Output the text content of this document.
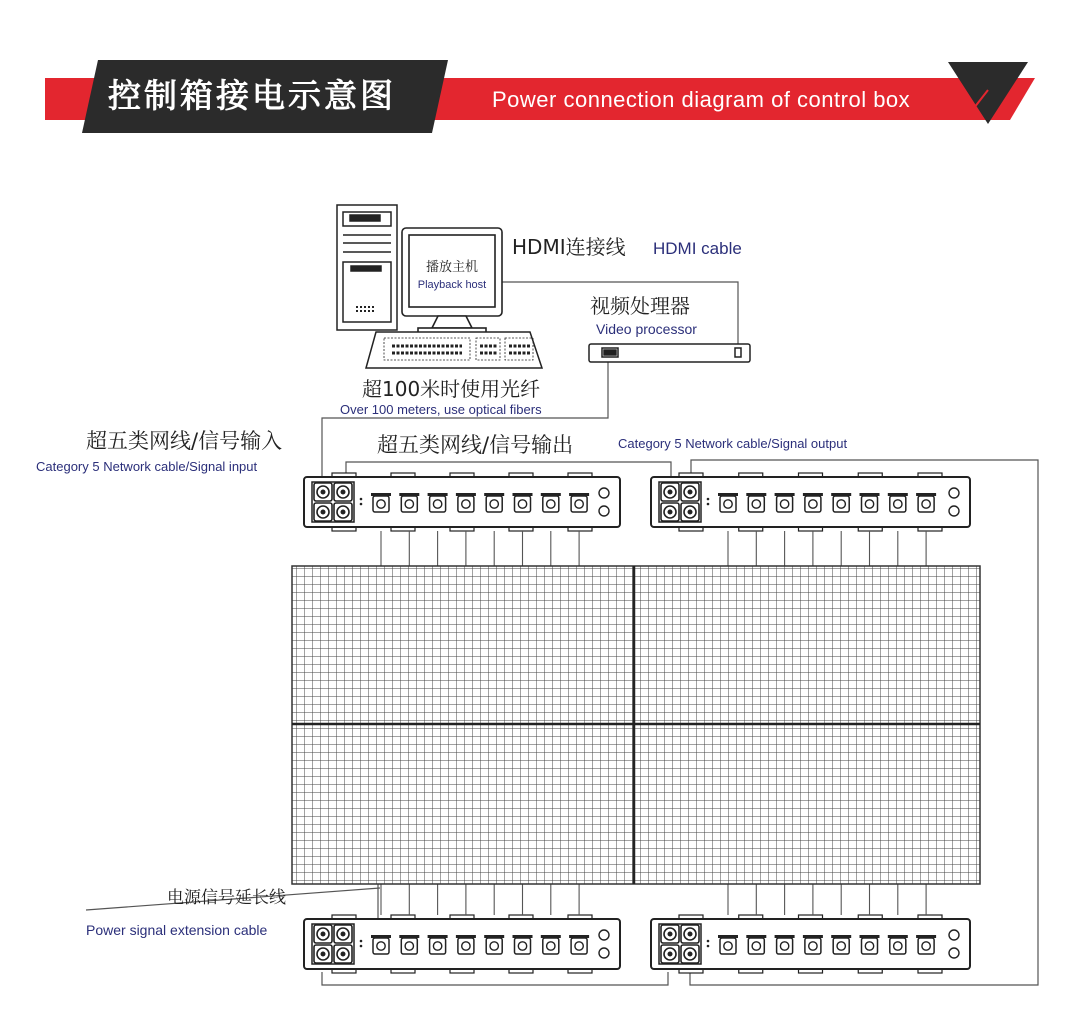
控制箱接电示意图	Power connection diagram of control box
播放主机
Playback host
HDMI连接线 HDMI cable
视频处理器
Video processor
超100米时使用光纤
Over 100 meters, use optical fibers
超五类网线/信号输入
Category 5 Network cable/Signal input
超五类网线/信号输出	Category 5 Network cable/Signal output
电源信号延长线
Power signal extension cable
